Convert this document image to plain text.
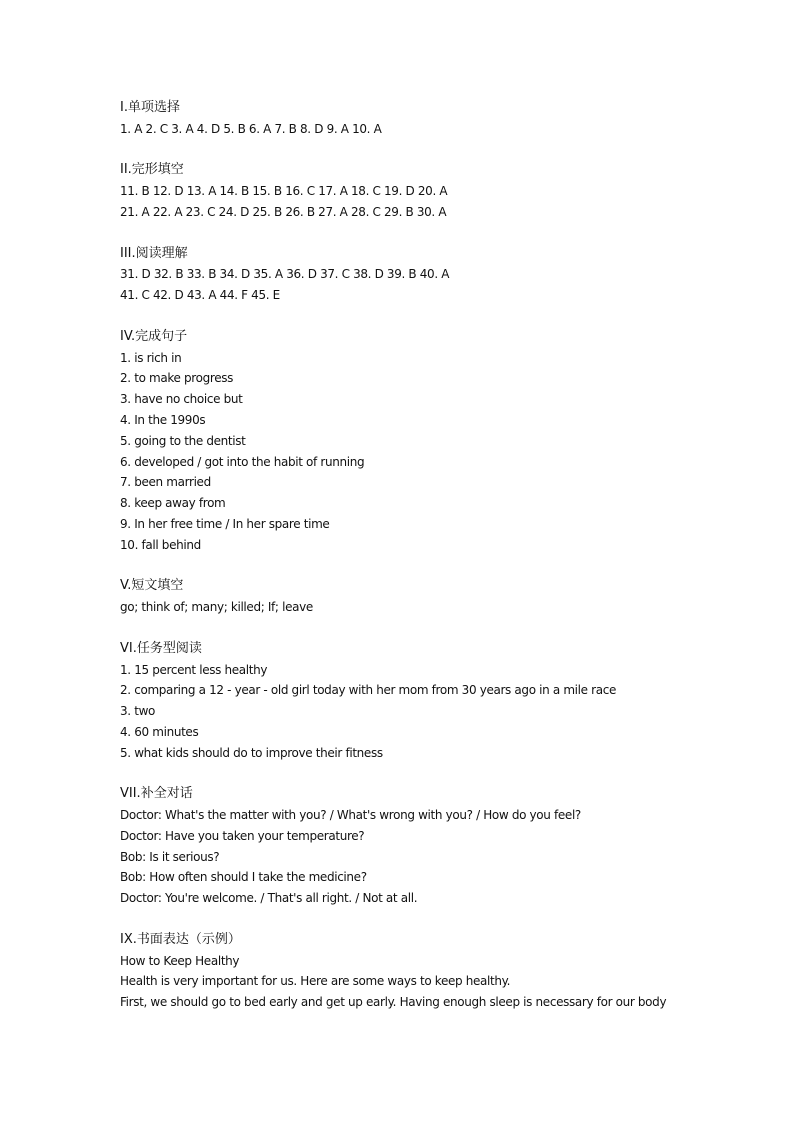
I.单项选择
1. A 2. C 3. A 4. D 5. B 6. A 7. B 8. D 9. A 10. A
II.完形填空
11. B 12. D 13. A 14. B 15. B 16. C 17. A 18. C 19. D 20. A
21. A 22. A 23. C 24. D 25. B 26. B 27. A 28. C 29. B 30. A
III.阅读理解
31. D 32. B 33. B 34. D 35. A 36. D 37. C 38. D 39. B 40. A
41. C 42. D 43. A 44. F 45. E
IV.完成句子
1. is rich in
2. to make progress
3. have no choice but
4. In the 1990s
5. going to the dentist
6. developed / got into the habit of running
7. been married
8. keep away from
9. In her free time / In her spare time
10. fall behind
V.短文填空
go; think of; many; killed; If; leave
VI.任务型阅读
1. 15 percent less healthy
2. comparing a 12 - year - old girl today with her mom from 30 years ago in a mile race
3. two
4. 60 minutes
5. what kids should do to improve their fitness
VII.补全对话
Doctor: What's the matter with you? / What's wrong with you? / How do you feel?
Doctor: Have you taken your temperature?
Bob: Is it serious?
Bob: How often should I take the medicine?
Doctor: You're welcome. / That's all right. / Not at all.
IX.书面表达（示例）
How to Keep Healthy
Health is very important for us. Here are some ways to keep healthy.
First, we should go to bed early and get up early. Having enough sleep is necessary for our body
